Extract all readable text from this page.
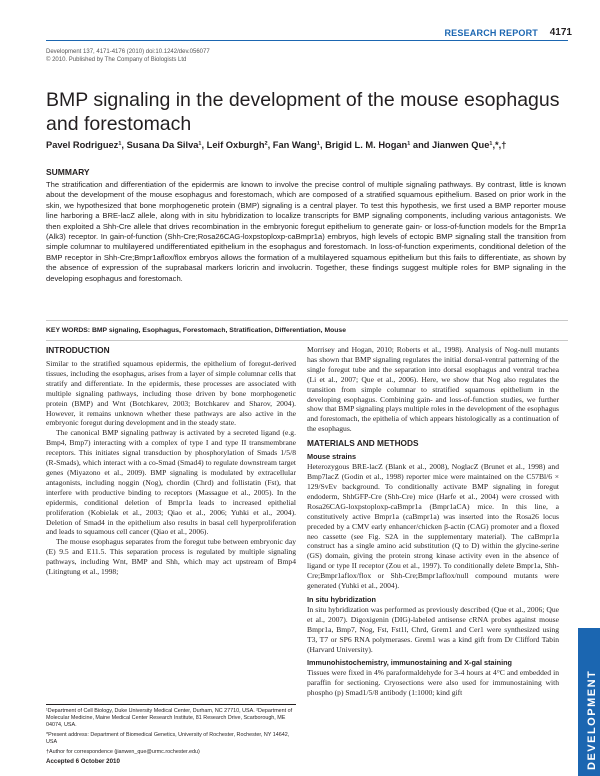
RESEARCH REPORT 4171
Development 137, 4171-4176 (2010) doi:10.1242/dev.056077
© 2010. Published by The Company of Biologists Ltd
BMP signaling in the development of the mouse esophagus and forestomach
Pavel Rodriguez¹, Susana Da Silva¹, Leif Oxburgh², Fan Wang¹, Brigid L. M. Hogan¹ and Jianwen Que¹,*,†
SUMMARY
The stratification and differentiation of the epidermis are known to involve the precise control of multiple signaling pathways. By contrast, little is known about the development of the mouse esophagus and forestomach, which are composed of a stratified squamous epithelium. Based on prior work in the skin, we hypothesized that bone morphogenetic protein (BMP) signaling is a central player. To test this hypothesis, we first used a BMP reporter mouse line harboring a BRE-lacZ allele, along with in situ hybridization to localize transcripts for BMP signaling components, including various antagonists. We then exploited a Shh-Cre allele that drives recombination in the embryonic foregut epithelium to generate gain- or loss-of-function models for the Bmpr1a (Alk3) receptor. In gain-of-function (Shh-Cre;Rosa26CAG-loxpstoploxp-caBmpr1a) embryos, high levels of ectopic BMP signaling stall the transition from simple columnar to multilayered undifferentiated epithelium in the esophagus and forestomach. In loss-of-function experiments, conditional deletion of the BMP receptor in Shh-Cre;Bmpr1aflox/flox embryos allows the formation of a multilayered squamous epithelium but this fails to differentiate, as shown by the absence of expression of the suprabasal markers loricrin and involucrin. Together, these findings suggest multiple roles for BMP signaling in the developing esophagus and forestomach.
KEY WORDS: BMP signaling, Esophagus, Forestomach, Stratification, Differentiation, Mouse
INTRODUCTION

Similar to the stratified squamous epidermis, the epithelium of foregut-derived tissues, including the esophagus, arises from a layer of simple columnar cells that stratify and differentiate. In the epidermis, these processes are associated with multiple signaling pathways, including those driven by bone morphogenetic protein (BMP) and Wnt (Botchkarev, 2003; Botchkarev and Sharov, 2004). However, it remains unknown whether these pathways are also active in the embryonic foregut during development and in the steady state.

The canonical BMP signaling pathway is activated by a secreted ligand (e.g. Bmp4, Bmp7) interacting with a complex of type I and type II transmembrane receptors. This initiates signal transduction by phosphorylation of Smads 1/5/8 (R-Smads), which interact with a co-Smad (Smad4) to regulate downstream target genes (Miyazono et al., 2009). BMP signaling is modulated by extracellular antagonists, including noggin (Nog), chordin (Chrd) and follistatin (Fst), that interfere with productive binding to receptors (Massague et al., 2005). In the epidermis, conditional deletion of Bmpr1a leads to increased epithelial proliferation (Kobielak et al., 2003; Qiao et al., 2006; Yuhki et al., 2004). Deletion of Smad4 in the epithelium also results in basal cell hyperproliferation and leads to squamous cell cancer (Qiao et al., 2006).

The mouse esophagus separates from the foregut tube between embryonic day (E) 9.5 and E11.5. This separation process is regulated by multiple signaling pathways, including Wnt, BMP and Shh, which may act upstream of Bmp4 (Litingtung et al., 1998;

Morrisey and Hogan, 2010; Roberts et al., 1998). Analysis of Nog-null mutants has shown that BMP signaling regulates the initial dorsal-ventral patterning of the single foregut tube and the separation into dorsal esophagus and ventral trachea (Li et al., 2007; Que et al., 2006). Here, we show that Nog also regulates the transition from simple columnar to stratified squamous epithelium in the developing esophagus. Combining gain- and loss-of-function studies, we further show that BMP signaling plays multiple roles in the development of the esophagus and forestomach, the epithelia of which appears histologically as a continuation of the esophagus.
MATERIALS AND METHODS
Mouse strains
Heterozygous BRE-lacZ (Blank et al., 2008), NoglacZ (Brunet et al., 1998) and Bmp7lacZ (Godin et al., 1998) reporter mice were maintained on the C57Bl/6 × 129/SvEv background. To conditionally activate BMP signaling in foregut endoderm, ShhGFP-Cre (Shh-Cre) mice (Harfe et al., 2004) were crossed with Rosa26CAG-loxpstoploxp-caBmpr1a (Bmpr1aCA) mice. In this line, a constitutively active Bmpr1a (caBmpr1a) was inserted into the Rosa26 locus preceded by a CMV early enhancer/chicken β-actin (CAG) promoter and a floxed neo cassette (see Fig. S2A in the supplementary material). The caBmpr1a construct has a single amino acid substitution (Q to D) within the glycine-serine (GS) domain, giving the protein strong kinase activity even in the absence of ligand or type II receptor (Zou et al., 1997). To conditionally delete Bmpr1a, Shh-Cre;Bmpr1aflox/flox or Shh-Cre;Bmpr1aflox/null compound mutants were generated (Yuhki et al., 2004).
In situ hybridization
In situ hybridization was performed as previously described (Que et al., 2006; Que et al., 2007). Digoxigenin (DIG)-labeled antisense cRNA probes against mouse Bmpr1a, Bmp7, Nog, Fst, Fst1l, Chrd, Grem1 and Cer1 were synthesized using T3, T7 or SP6 RNA polymerases. Grem1 was a kind gift from Dr Clifford Tabin (Harvard University).
Immunohistochemistry, immunostaining and X-gal staining
Tissues were fixed in 4% paraformaldehyde for 3-4 hours at 4°C and embedded in paraffin for sectioning. Cryosections were also used for immunostaining with phospho (p) Smad1/5/8 antibody (1:1000; kind gift
¹Department of Cell Biology, Duke University Medical Center, Durham, NC 27710, USA. ²Department of Molecular Medicine, Maine Medical Center Research Institute, 81 Research Drive, Scarborough, ME 04074, USA.
*Present address: Department of Biomedical Genetics, University of Rochester, Rochester, NY 14642, USA
†Author for correspondence (jianwen_que@urmc.rochester.edu)
Accepted 6 October 2010	DEVELOPMENT
